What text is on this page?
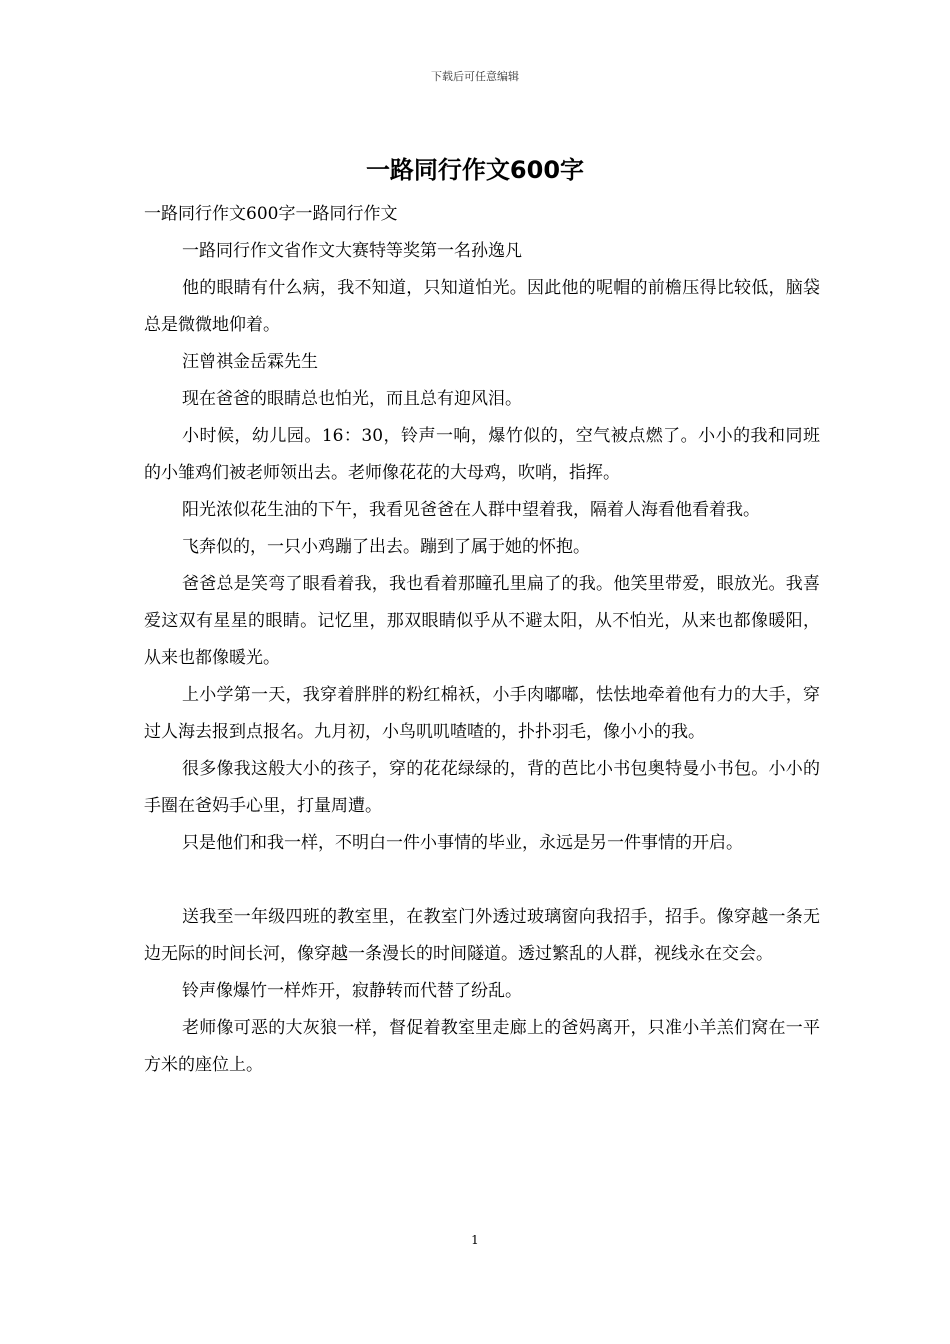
下载后可任意编辑
一路同行作文600字

一路同行作文600字一路同行作文

一路同行作文省作文大赛特等奖第一名孙逸凡

他的眼睛有什么病，我不知道，只知道怕光。因此他的呢帽的前檐压得比较低，脑袋总是微微地仰着。

汪曾祺金岳霖先生

现在爸爸的眼睛总也怕光，而且总有迎风泪。

小时候，幼儿园。16：30，铃声一响，爆竹似的，空气被点燃了。小小的我和同班的小雏鸡们被老师领出去。老师像花花的大母鸡，吹哨，指挥。

阳光浓似花生油的下午，我看见爸爸在人群中望着我，隔着人海看他看着我。

飞奔似的，一只小鸡蹦了出去。蹦到了属于她的怀抱。

爸爸总是笑弯了眼看着我，我也看着那瞳孔里扁了的我。他笑里带爱，眼放光。我喜爱这双有星星的眼睛。记忆里，那双眼睛似乎从不避太阳，从不怕光，从来也都像暖阳，从来也都像暖光。

上小学第一天，我穿着胖胖的粉红棉袄，小手肉嘟嘟，怯怯地牵着他有力的大手，穿过人海去报到点报名。九月初，小鸟叽叽喳喳的，扑扑羽毛，像小小的我。

很多像我这般大小的孩子，穿的花花绿绿的，背的芭比小书包奥特曼小书包。小小的手圈在爸妈手心里，打量周遭。

只是他们和我一样，不明白一件小事情的毕业，永远是另一件事情的开启。

送我至一年级四班的教室里，在教室门外透过玻璃窗向我招手，招手。像穿越一条无边无际的时间长河，像穿越一条漫长的时间隧道。透过繁乱的人群，视线永在交会。

铃声像爆竹一样炸开，寂静转而代替了纷乱。

老师像可恶的大灰狼一样，督促着教室里走廊上的爸妈离开，只准小羊羔们窝在一平方米的座位上。

1
